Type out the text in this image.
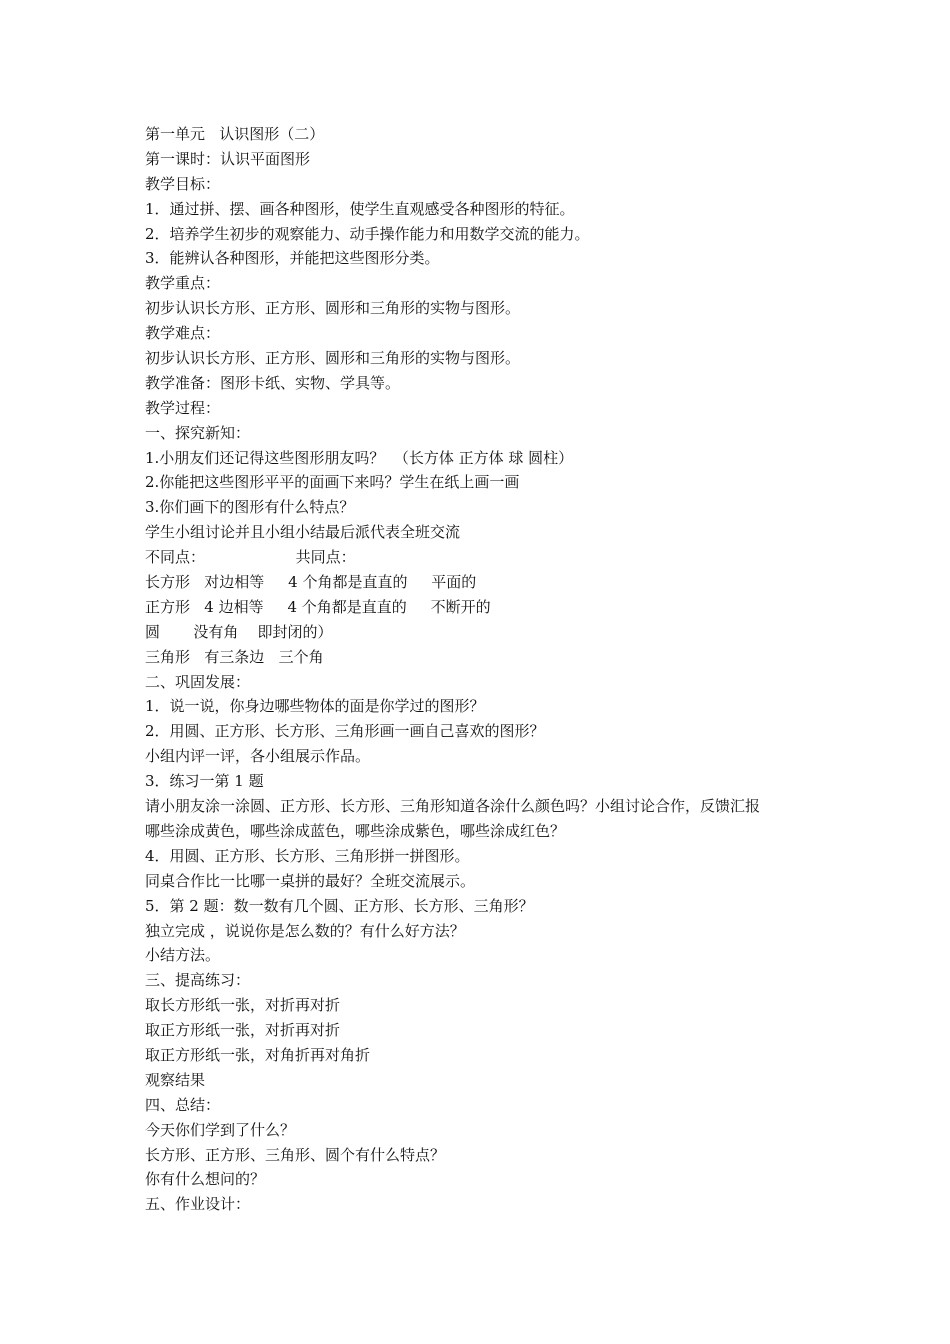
第一单元   认识图形（二）
第一课时：认识平面图形
教学目标：
1．通过拼、摆、画各种图形，使学生直观感受各种图形的特征。
2．培养学生初步的观察能力、动手操作能力和用数学交流的能力。
3．能辨认各种图形，并能把这些图形分类。
教学重点：
初步认识长方形、正方形、圆形和三角形的实物与图形。
教学难点：
初步认识长方形、正方形、圆形和三角形的实物与图形。
教学准备：图形卡纸、实物、学具等。
教学过程：
一、探究新知：
1.小朋友们还记得这些图形朋友吗？  （长方体 正方体 球 圆柱）
2.你能把这些图形平平的面画下来吗？学生在纸上画一画
3.你们画下的图形有什么特点？
学生小组讨论并且小组小结最后派代表全班交流
不同点：                   共同点：
长方形   对边相等     4 个角都是直直的     平面的
正方形   4 边相等     4 个角都是直直的     不断开的
圆       没有角    即封闭的）
三角形   有三条边   三个角
二、巩固发展：
1．说一说，你身边哪些物体的面是你学过的图形？
2．用圆、正方形、长方形、三角形画一画自己喜欢的图形？
小组内评一评，各小组展示作品。
3．练习一第 1 题
请小朋友涂一涂圆、正方形、长方形、三角形知道各涂什么颜色吗？小组讨论合作，反馈汇报
哪些涂成黄色，哪些涂成蓝色，哪些涂成紫色，哪些涂成红色？
4．用圆、正方形、长方形、三角形拼一拼图形。
同桌合作比一比哪一桌拼的最好？全班交流展示。
5．第 2 题：数一数有几个圆、正方形、长方形、三角形？
独立完成 ，说说你是怎么数的？有什么好方法？
小结方法。
三、提高练习：
取长方形纸一张，对折再对折
取正方形纸一张，对折再对折
取正方形纸一张，对角折再对角折
观察结果
四、总结：
今天你们学到了什么？
长方形、正方形、三角形、圆个有什么特点？
你有什么想问的？
五、作业设计：
